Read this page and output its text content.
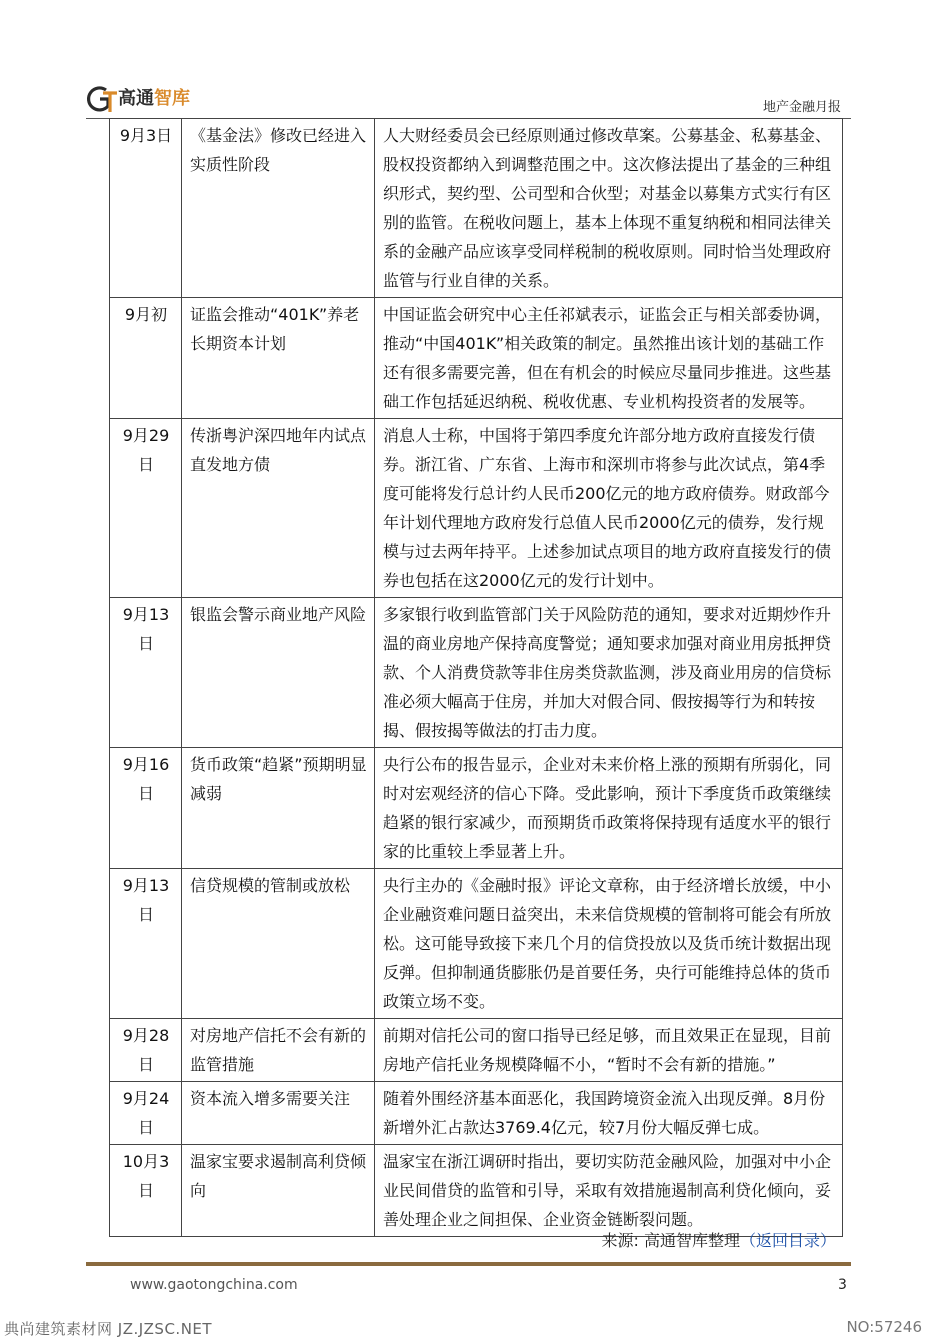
高通智库	地产金融月报
9月3日	《基金法》修改已经进入实质性阶段	人大财经委员会已经原则通过修改草案。公募基金、私募基金、股权投资都纳入到调整范围之中。这次修法提出了基金的三种组织形式，契约型、公司型和合伙型；对基金以募集方式实行有区别的监管。在税收问题上，基本上体现不重复纳税和相同法律关系的金融产品应该享受同样税制的税收原则。同时恰当处理政府监管与行业自律的关系。
9月初	证监会推动“401K”养老长期资本计划	中国证监会研究中心主任祁斌表示，证监会正与相关部委协调，推动“中国401K”相关政策的制定。虽然推出该计划的基础工作还有很多需要完善，但在有机会的时候应尽量同步推进。这些基础工作包括延迟纳税、税收优惠、专业机构投资者的发展等。
9月29日	传浙粤沪深四地年内试点直发地方债	消息人士称，中国将于第四季度允许部分地方政府直接发行债券。浙江省、广东省、上海市和深圳市将参与此次试点，第4季度可能将发行总计约人民币200亿元的地方政府债券。财政部今年计划代理地方政府发行总值人民币2000亿元的债券，发行规模与过去两年持平。上述参加试点项目的地方政府直接发行的债券也包括在这2000亿元的发行计划中。
9月13日	银监会警示商业地产风险	多家银行收到监管部门关于风险防范的通知，要求对近期炒作升温的商业房地产保持高度警觉；通知要求加强对商业用房抵押贷款、个人消费贷款等非住房类贷款监测，涉及商业用房的信贷标准必须大幅高于住房，并加大对假合同、假按揭等行为和转按揭、假按揭等做法的打击力度。
9月16日	货币政策“趋紧”预期明显减弱	央行公布的报告显示，企业对未来价格上涨的预期有所弱化，同时对宏观经济的信心下降。受此影响，预计下季度货币政策继续趋紧的银行家减少，而预期货币政策将保持现有适度水平的银行家的比重较上季显著上升。
9月13日	信贷规模的管制或放松	央行主办的《金融时报》评论文章称，由于经济增长放缓，中小企业融资难问题日益突出，未来信贷规模的管制将可能会有所放松。这可能导致接下来几个月的信贷投放以及货币统计数据出现反弹。但抑制通货膨胀仍是首要任务，央行可能维持总体的货币政策立场不变。
9月28日	对房地产信托不会有新的监管措施	前期对信托公司的窗口指导已经足够，而且效果正在显现，目前房地产信托业务规模降幅不小，“暂时不会有新的措施。”
9月24日	资本流入增多需要关注	随着外围经济基本面恶化，我国跨境资金流入出现反弹。8月份新增外汇占款达3769.4亿元，较7月份大幅反弹七成。
10月3日	温家宝要求遏制高利贷倾向	温家宝在浙江调研时指出，要切实防范金融风险，加强对中小企业民间借贷的监管和引导，采取有效措施遏制高利贷化倾向，妥善处理企业之间担保、企业资金链断裂问题。
来源: 高通智库整理（返回目录）
www.gaotongchina.com	3
典尚建筑素材网 JZ.JZSC.NET	NO:57246
